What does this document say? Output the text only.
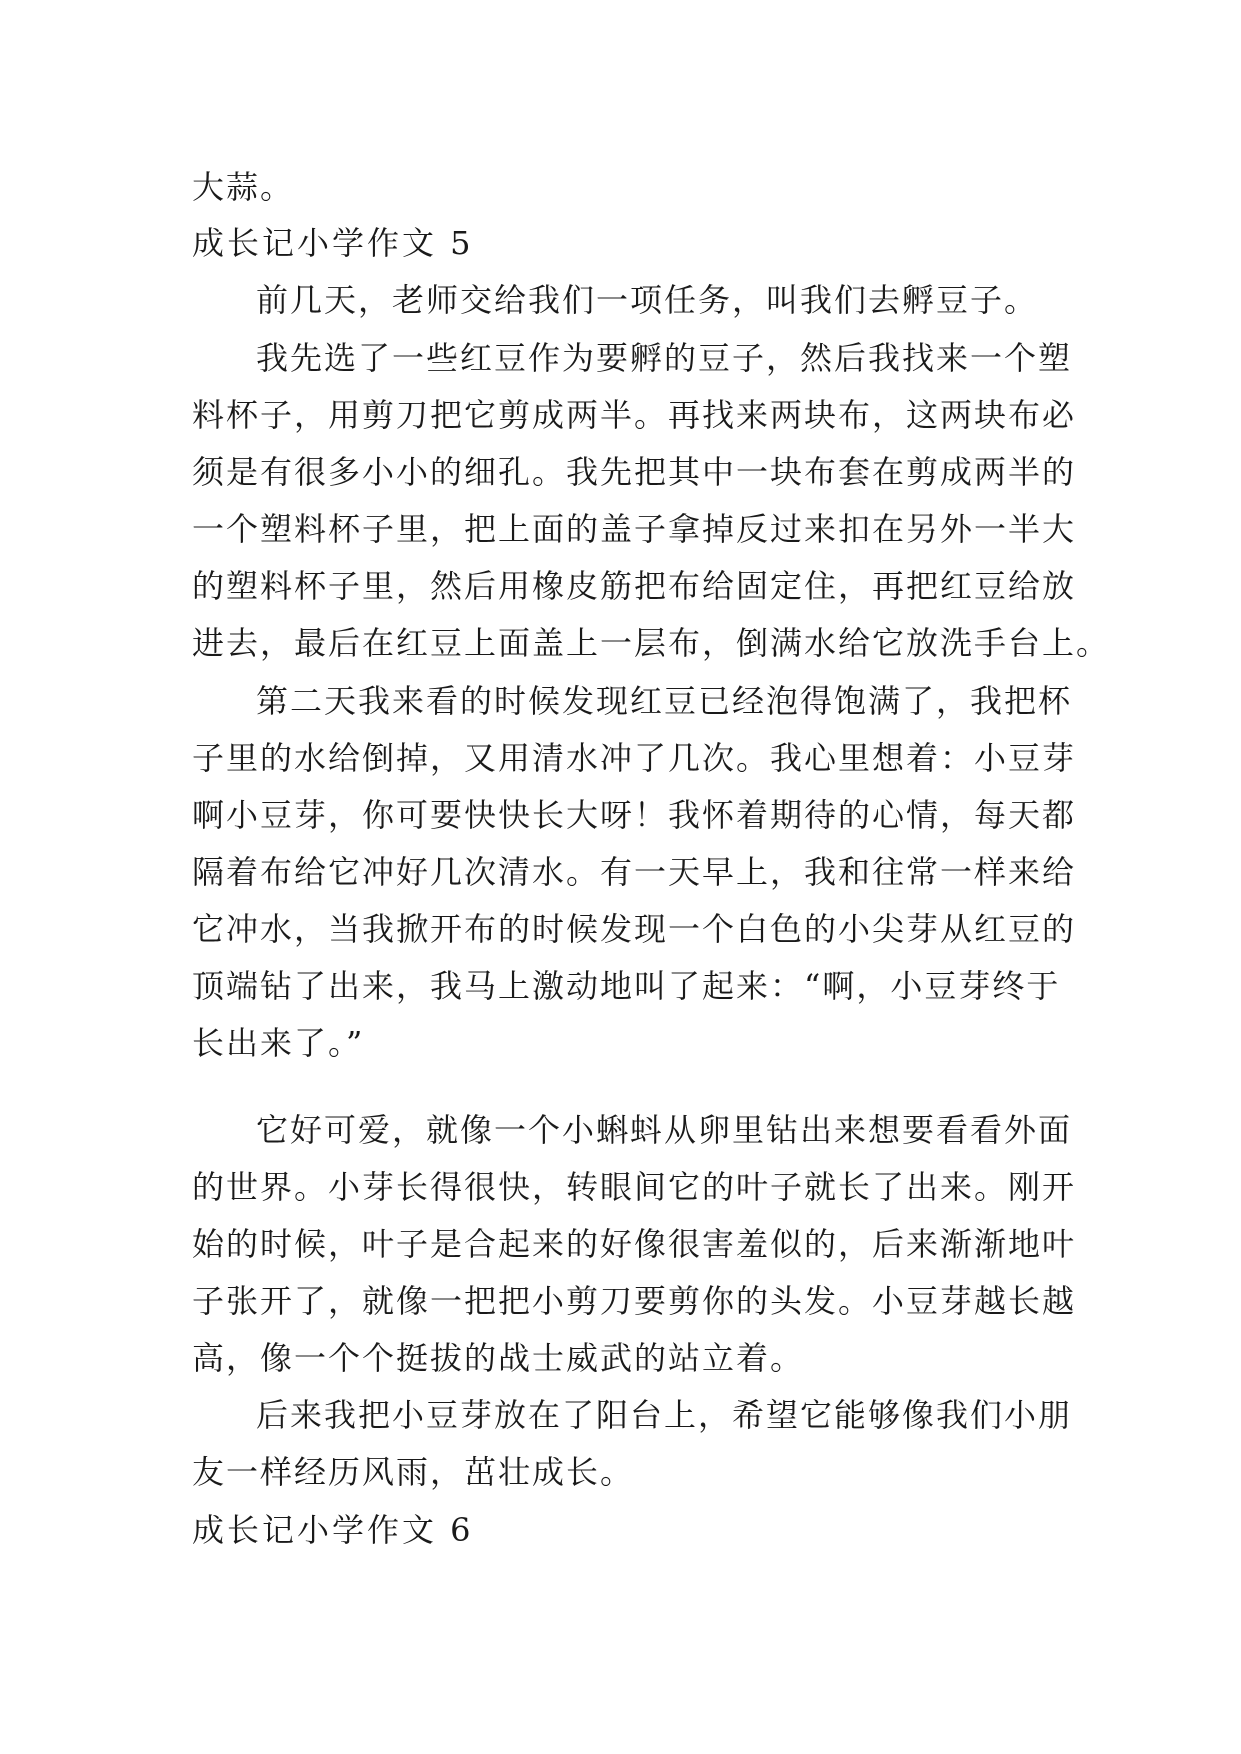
大蒜。
成长记小学作文 5
前几天，老师交给我们一项任务，叫我们去孵豆子。
我先选了一些红豆作为要孵的豆子，然后我找来一个塑
料杯子，用剪刀把它剪成两半。再找来两块布，这两块布必
须是有很多小小的细孔。我先把其中一块布套在剪成两半的
一个塑料杯子里，把上面的盖子拿掉反过来扣在另外一半大
的塑料杯子里，然后用橡皮筋把布给固定住，再把红豆给放
进去，最后在红豆上面盖上一层布，倒满水给它放洗手台上。
第二天我来看的时候发现红豆已经泡得饱满了，我把杯
子里的水给倒掉，又用清水冲了几次。我心里想着：小豆芽
啊小豆芽，你可要快快长大呀！我怀着期待的心情，每天都
隔着布给它冲好几次清水。有一天早上，我和往常一样来给
它冲水，当我掀开布的时候发现一个白色的小尖芽从红豆的
顶端钻了出来，我马上激动地叫了起来：“啊，小豆芽终于
长出来了。”
它好可爱，就像一个小蝌蚪从卵里钻出来想要看看外面
的世界。小芽长得很快，转眼间它的叶子就长了出来。刚开
始的时候，叶子是合起来的好像很害羞似的，后来渐渐地叶
子张开了，就像一把把小剪刀要剪你的头发。小豆芽越长越
高，像一个个挺拔的战士威武的站立着。
后来我把小豆芽放在了阳台上，希望它能够像我们小朋
友一样经历风雨，茁壮成长。
成长记小学作文 6
